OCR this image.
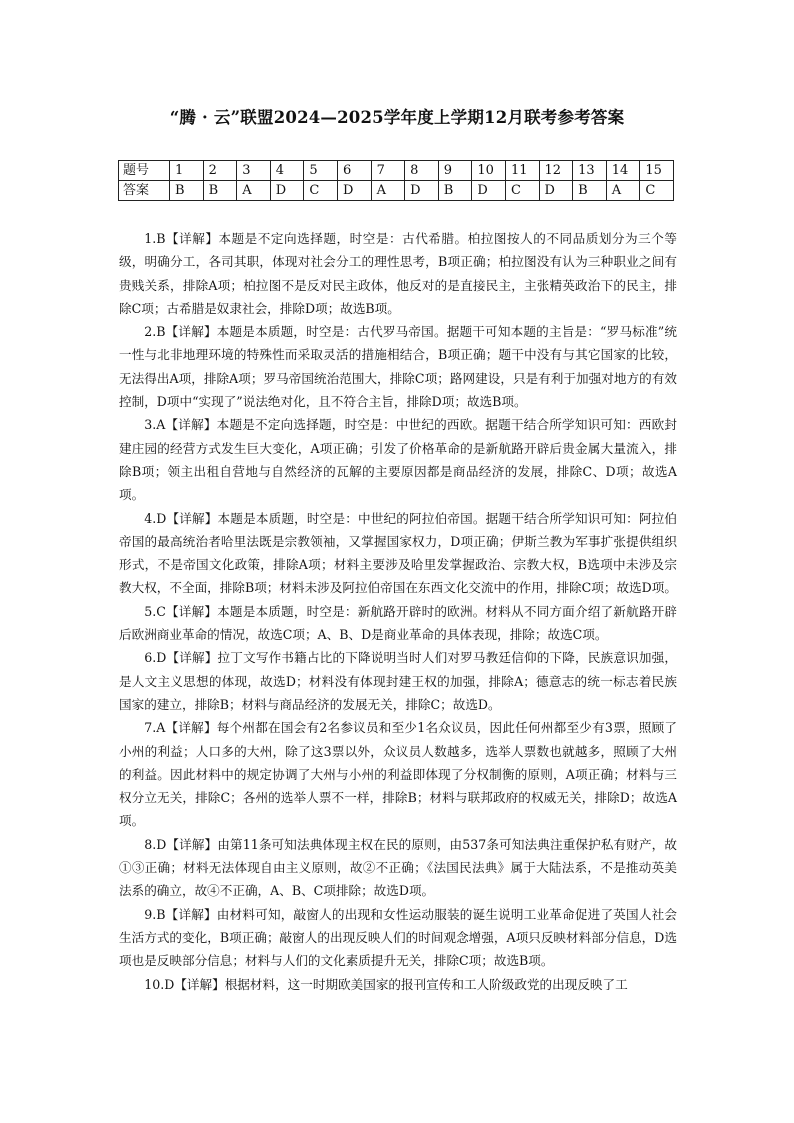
“腾 · 云”联盟2024—2025学年度上学期12月联考参考答案
题号	1	2	3	4	5	6	7	8	9	10	11	12	13	14	15
答案	B	B	A	D	C	D	A	D	B	D	C	D	B	A	C

1.B【详解】本题是不定向选择题，时空是：古代希腊。柏拉图按人的不同品质划分为三个等级，明确分工，各司其职，体现对社会分工的理性思考，B项正确；柏拉图没有认为三种职业之间有贵贱关系，排除A项；柏拉图不是反对民主政体，他反对的是直接民主，主张精英政治下的民主，排除C项；古希腊是奴隶社会，排除D项；故选B项。

2.B【详解】本题是本质题，时空是：古代罗马帝国。据题干可知本题的主旨是：“罗马标准”统一性与北非地理环境的特殊性而采取灵活的措施相结合，B项正确；题干中没有与其它国家的比较，无法得出A项，排除A项；罗马帝国统治范围大，排除C项；路网建设，只是有利于加强对地方的有效控制，D项中“实现了”说法绝对化，且不符合主旨，排除D项；故选B项。

3.A【详解】本题是不定向选择题，时空是：中世纪的西欧。据题干结合所学知识可知：西欧封建庄园的经营方式发生巨大变化，A项正确；引发了价格革命的是新航路开辟后贵金属大量流入，排除B项；领主出租自营地与自然经济的瓦解的主要原因都是商品经济的发展，排除C、D项；故选A项。

4.D【详解】本题是本质题，时空是：中世纪的阿拉伯帝国。据题干结合所学知识可知：阿拉伯帝国的最高统治者哈里法既是宗教领袖，又掌握国家权力，D项正确；伊斯兰教为军事扩张提供组织形式，不是帝国文化政策，排除A项；材料主要涉及哈里发掌握政治、宗教大权，B选项中未涉及宗教大权，不全面，排除B项；材料未涉及阿拉伯帝国在东西文化交流中的作用，排除C项；故选D项。

5.C【详解】本题是本质题，时空是：新航路开辟时的欧洲。材料从不同方面介绍了新航路开辟后欧洲商业革命的情况，故选C项；A、B、D是商业革命的具体表现，排除；故选C项。

6.D【详解】拉丁文写作书籍占比的下降说明当时人们对罗马教廷信仰的下降，民族意识加强，是人文主义思想的体现，故选D；材料没有体现封建王权的加强，排除A；德意志的统一标志着民族国家的建立，排除B；材料与商品经济的发展无关，排除C；故选D。

7.A【详解】每个州都在国会有2名参议员和至少1名众议员，因此任何州都至少有3票，照顾了小州的利益；人口多的大州，除了这3票以外，众议员人数越多，选举人票数也就越多，照顾了大州的利益。因此材料中的规定协调了大州与小州的利益即体现了分权制衡的原则，A项正确；材料与三权分立无关，排除C；各州的选举人票不一样，排除B；材料与联邦政府的权威无关，排除D；故选A项。

8.D【详解】由第11条可知法典体现主权在民的原则，由537条可知法典注重保护私有财产，故①③正确；材料无法体现自由主义原则，故②不正确；《法国民法典》属于大陆法系，不是推动英美法系的确立，故④不正确，A、B、C项排除；故选D项。

9.B【详解】由材料可知，敲窗人的出现和女性运动服装的诞生说明工业革命促进了英国人社会生活方式的变化，B项正确；敲窗人的出现反映人们的时间观念增强，A项只反映材料部分信息，D选项也是反映部分信息；材料与人们的文化素质提升无关，排除C项；故选B项。

10.D【详解】根据材料，这一时期欧美国家的报刊宣传和工人阶级政党的出现反映了工
